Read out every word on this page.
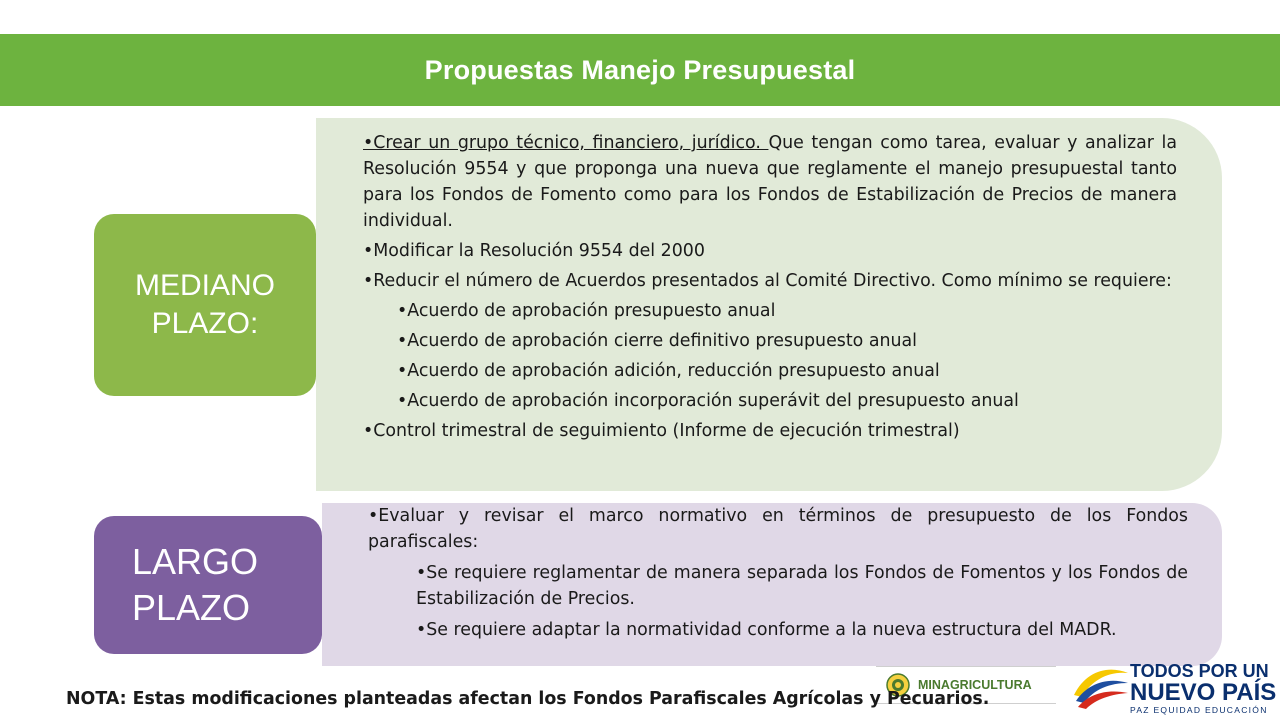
Propuestas Manejo Presupuestal
MEDIANO
PLAZO:

•Crear un grupo técnico, financiero, jurídico. Que tengan como tarea, evaluar y analizar la Resolución 9554 y que proponga una nueva que reglamente el manejo presupuestal tanto para los Fondos de Fomento como para los Fondos de Estabilización de Precios de manera individual.

•Modificar la Resolución 9554 del 2000

•Reducir el número de Acuerdos presentados al Comité Directivo. Como mínimo se requiere:

•Acuerdo de aprobación presupuesto anual

•Acuerdo de aprobación cierre definitivo presupuesto anual

•Acuerdo de aprobación adición, reducción presupuesto anual

•Acuerdo de aprobación incorporación superávit del presupuesto anual

•Control trimestral de seguimiento (Informe de ejecución trimestral)

LARGO
PLAZO

•Evaluar y revisar el marco normativo en términos de presupuesto de los Fondos parafiscales:

•Se requiere reglamentar de manera separada los Fondos de Fomentos y los Fondos de Estabilización de Precios.

•Se requiere adaptar la normatividad conforme a la nueva estructura del MADR.

MINAGRICULTURA
TODOS POR UN
NUEVO PAÍS
PAZ EQUIDAD EDUCACIÓN
NOTA: Estas modificaciones planteadas afectan los Fondos Parafiscales Agrícolas y Pecuarios.
